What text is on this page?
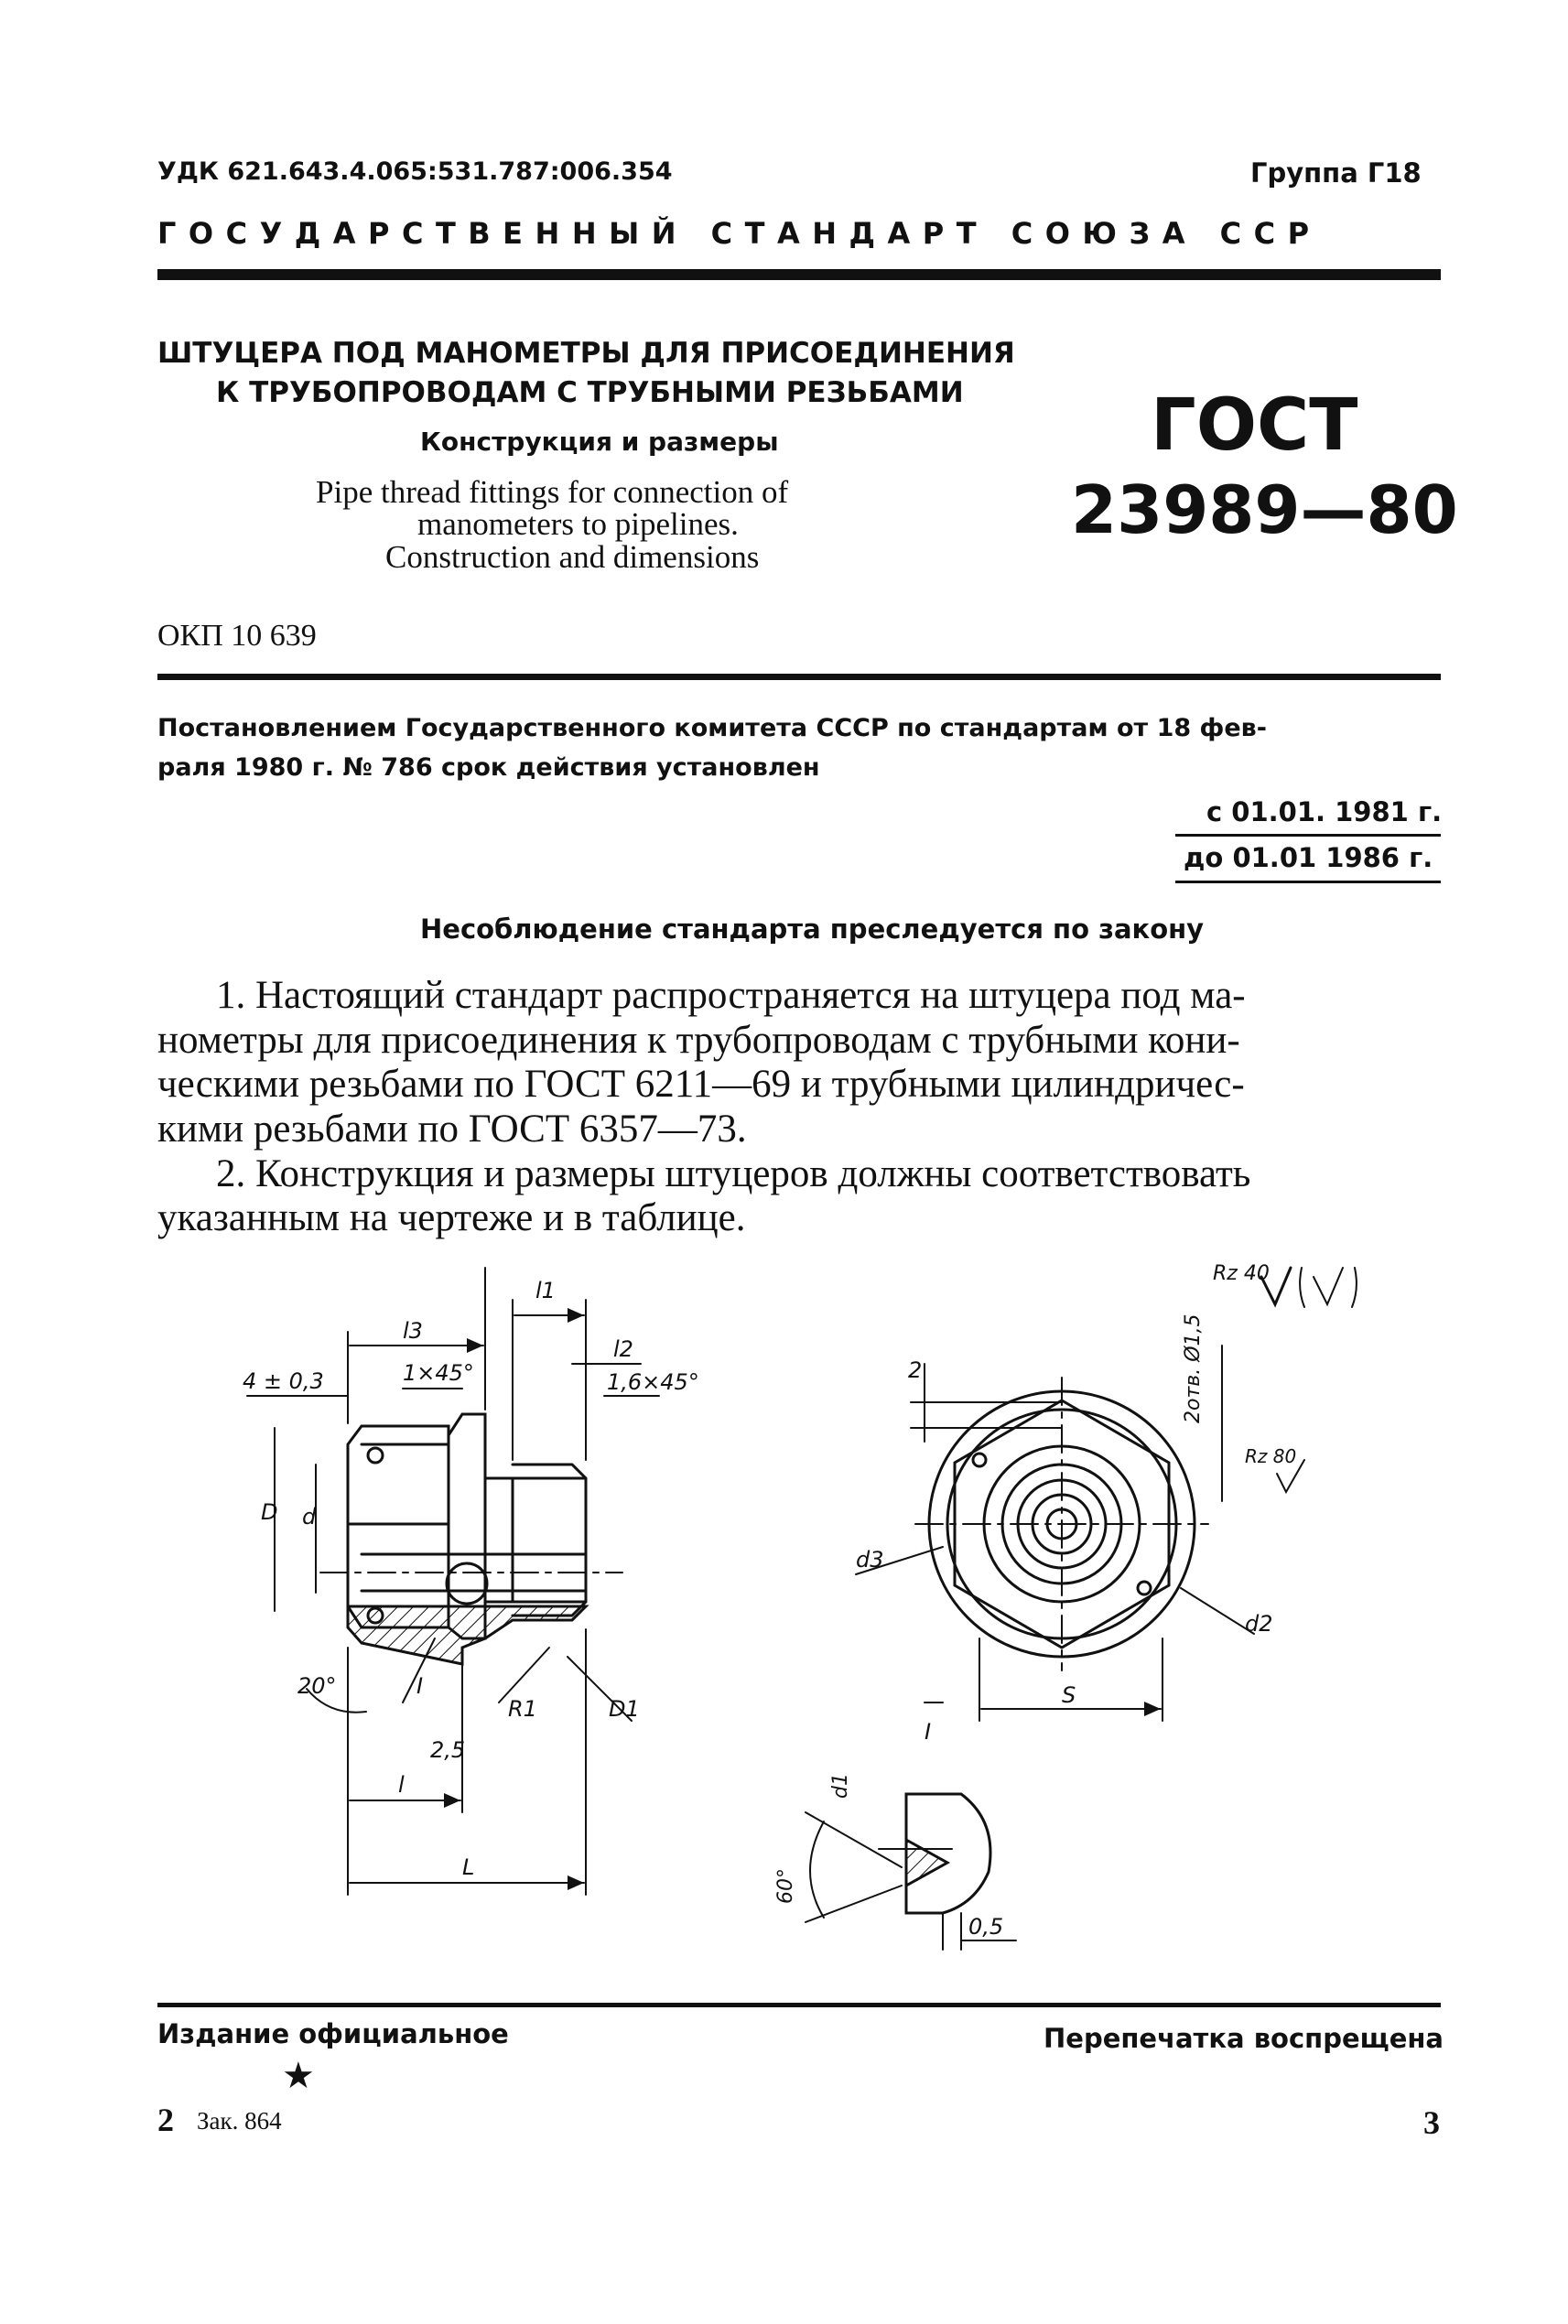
УДК 621.643.4.065:531.787:006.354	Группа Г18
ГОСУДАРСТВЕННЫЙ СТАНДАРТ СОЮЗА ССР
ШТУЦЕРА ПОД МАНОМЕТРЫ ДЛЯ ПРИСОЕДИНЕНИЯ
К ТРУБОПРОВОДАМ С ТРУБНЫМИ РЕЗЬБАМИ
Конструкция и размеры
Pipe thread fittings for connection of
manometers to pipelines.
Construction and dimensions
ГОСТ
23989—80
ОКП 10 639
Постановлением Государственного комитета СССР по стандартам от 18 фев-
раля 1980 г. № 786 срок действия установлен
с 01.01. 1981 г.
до 01.01 1986 г.
Несоблюдение стандарта преследуется по закону
1. Настоящий стандарт распространяется на штуцера под ма-
нометры для присоединения к трубопроводам с трубными кони-
ческими резьбами по ГОСТ 6211—69 и трубными цилиндричес-
кими резьбами по ГОСТ 6357—73.
2. Конструкция и размеры штуцеров должны соответствовать
указанным на чертеже и в таблице.
l3
l1
l2
4 ± 0,3	1×45°	1,6×45°
D d
20°	I
R1	D1
2,5
l
L
Rz 40
Rz 80
2отв. Ø1,5
2
d3
d2
S
I
d1
60°
0,5
Издание официальное	Перепечатка воспрещена
★
2 Зак. 864	3
